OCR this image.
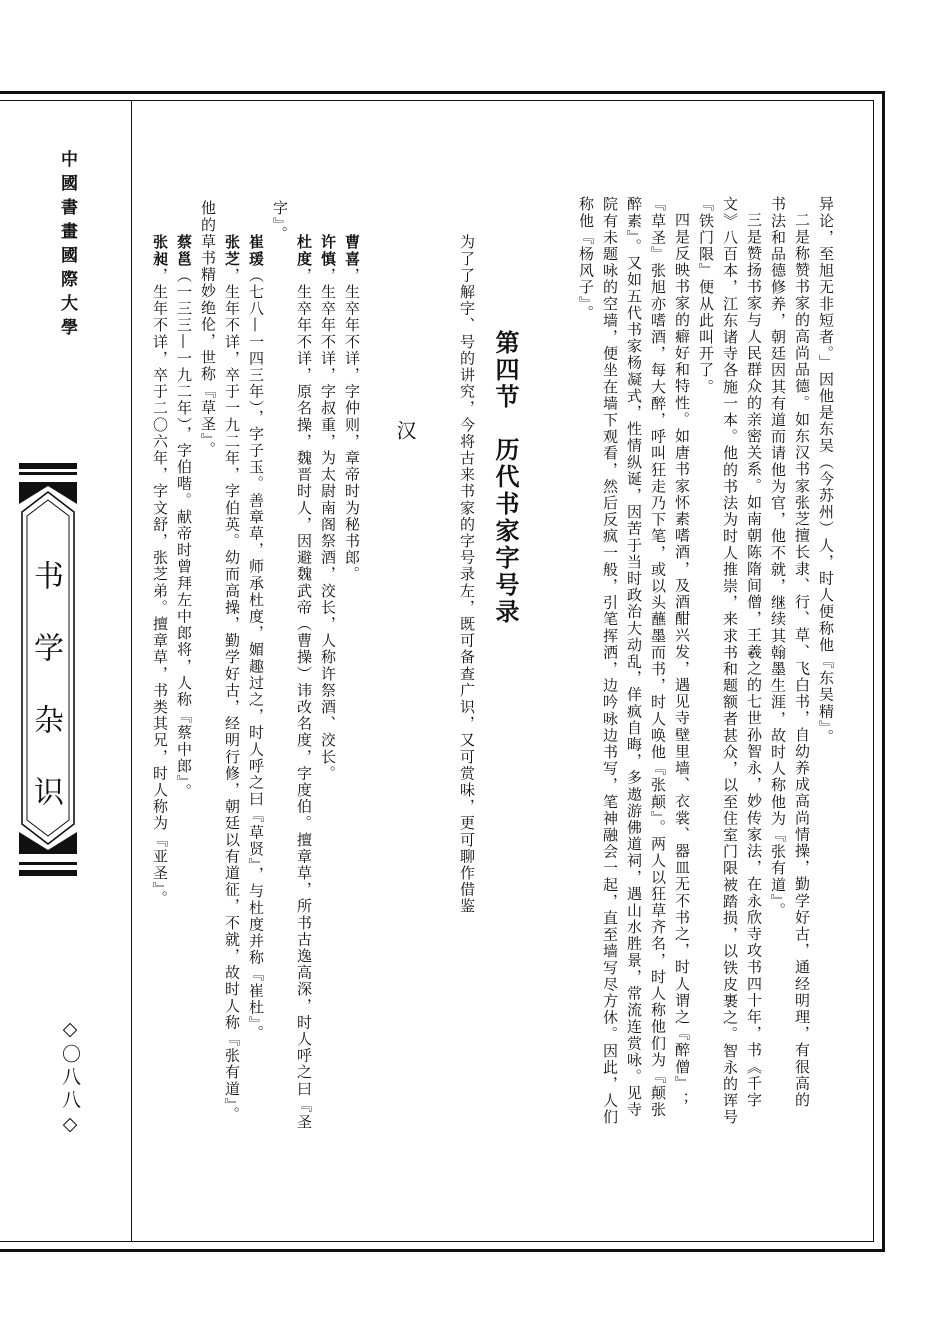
中國書畫國際大學
书学杂识
◇〇八八◇
异论，至旭无非短者。」因他是东吴（今苏州）人，时人便称他『东吴精』。
二是称赞书家的高尚品德。如东汉书家张芝擅长隶、行、草、飞白书，自幼养成高尚情操，勤学好古，通经明理，有很高的
书法和品德修养，朝廷因其有道而请他为官，他不就，继续其翰墨生涯，故时人称他为『张有道』。
三是赞扬书家与人民群众的亲密关系。如南朝陈隋间僧，王羲之的七世孙智永，妙传家法，在永欣寺攻书四十年，书《千字
文》八百本，江东诸寺各施一本。他的书法为时人推崇，来求书和题额者甚众，以至住室门限被踏损，以铁皮裹之。智永的诨号
『铁门限』便从此叫开了。
四是反映书家的癖好和特性。如唐书家怀素嗜酒，及酒酣兴发，遇见寺壁里墙、衣裳、器皿无不书之，时人谓之『醉僧』；
『草圣』张旭亦嗜酒，每大醉，呼叫狂走乃下笔，或以头蘸墨而书，时人唤他『张颠』。两人以狂草齐名，时人称他们为『颠张
醉素』。又如五代书家杨凝式，性情纵诞，因苦于当时政治大动乱，佯疯自晦，多遨游佛道祠，遇山水胜景，常流连赏咏。见寺
院有未题咏的空墙，便坐在墙下观看，然后反疯一般，引笔挥洒，边吟咏边书写，笔神融会一起，直至墙写尽方休。因此，人们
称他『杨风子』。
第四节历代书家字号录
为了了解字、号的讲究，今将古来书家的字号录左，既可备查广识，又可赏味，更可聊作借鉴
汉
曹喜，生卒年不详，字仲则，章帝时为秘书郎。
许慎，生卒年不详，字叔重，为太尉南阁祭酒，洨长，人称许祭酒、洨长。
杜度，生卒年不详，原名操，魏晋时人，因避魏武帝（曹操）讳改名度，字度伯。擅章草，所书古逸高深，时人呼之曰『圣
字』。
崔瑗（七八—一四三年），字子玉。善章草，师承杜度，媚趣过之，时人呼之曰『草贤』，与杜度并称『崔杜』。
张芝，生年不详，卒于一九二年，字伯英。幼而高操，勤学好古，经明行修，朝廷以有道征，不就，故时人称『张有道』。
他的草书精妙绝伦，世称『草圣』。
蔡邕（一三三—一九二年），字伯喈。献帝时曾拜左中郎将，人称『蔡中郎』。
张昶，生年不详，卒于二〇六年，字文舒，张芝弟。擅章草，书类其兄，时人称为『亚圣』。
